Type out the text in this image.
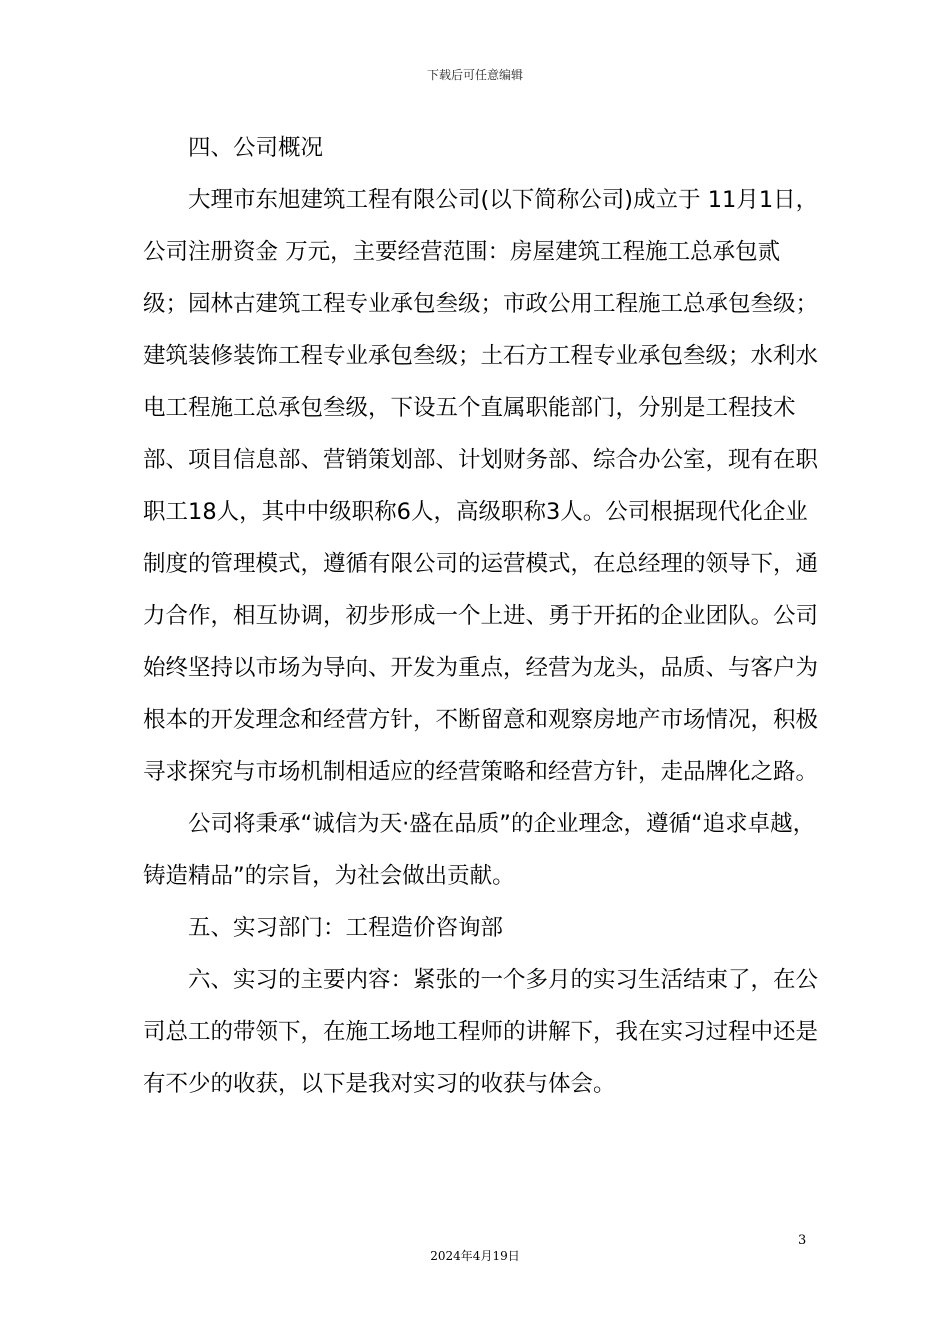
下载后可任意编辑

四、公司概况

大理市东旭建筑工程有限公司(以下简称公司)成立于 11月1日，公司注册资金 万元，主要经营范围：房屋建筑工程施工总承包贰级；园林古建筑工程专业承包叁级；市政公用工程施工总承包叁级；建筑装修装饰工程专业承包叁级；土石方工程专业承包叁级；水利水电工程施工总承包叁级，下设五个直属职能部门，分别是工程技术部、项目信息部、营销策划部、计划财务部、综合办公室，现有在职职工18人，其中中级职称6人，高级职称3人。公司根据现代化企业制度的管理模式，遵循有限公司的运营模式，在总经理的领导下，通力合作，相互协调，初步形成一个上进、勇于开拓的企业团队。公司始终坚持以市场为导向、开发为重点，经营为龙头，品质、与客户为根本的开发理念和经营方针，不断留意和观察房地产市场情况，积极寻求探究与市场机制相适应的经营策略和经营方针，走品牌化之路。

公司将秉承“诚信为天·盛在品质”的企业理念，遵循“追求卓越，铸造精品”的宗旨，为社会做出贡献。

五、实习部门：工程造价咨询部

六、实习的主要内容：紧张的一个多月的实习生活结束了，在公司总工的带领下，在施工场地工程师的讲解下，我在实习过程中还是有不少的收获，以下是我对实习的收获与体会。

3
2024年4月19日
